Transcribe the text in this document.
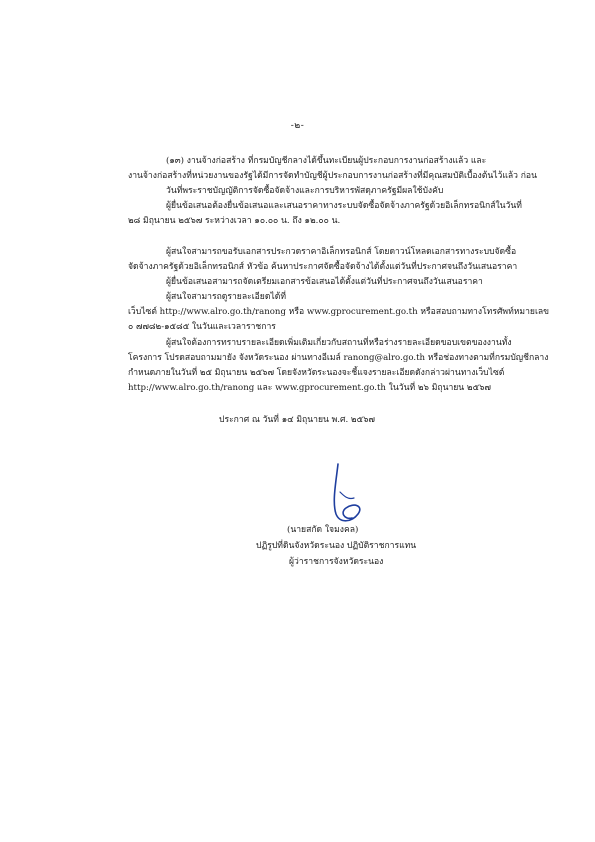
-๒-
(๑๓) งานจ้างก่อสร้าง ที่กรมบัญชีกลางได้ขึ้นทะเบียนผู้ประกอบการงานก่อสร้างแล้ว และ
งานจ้างก่อสร้างที่หน่วยงานของรัฐได้มีการจัดทำบัญชีผู้ประกอบการงานก่อสร้างที่มีคุณสมบัติเบื้องต้นไว้แล้ว ก่อน
วันที่พระราชบัญญัติการจัดซื้อจัดจ้างและการบริหารพัสดุภาครัฐมีผลใช้บังคับ
ผู้ยื่นข้อเสนอต้องยื่นข้อเสนอและเสนอราคาทางระบบจัดซื้อจัดจ้างภาครัฐด้วยอิเล็กทรอนิกส์ในวันที่
๒๘ มิถุนายน ๒๕๖๗ ระหว่างเวลา ๑๐.๐๐ น. ถึง ๑๒.๐๐ น.
ผู้สนใจสามารถขอรับเอกสารประกวดราคาอิเล็กทรอนิกส์ โดยดาวน์โหลดเอกสารทางระบบจัดซื้อ
จัดจ้างภาครัฐด้วยอิเล็กทรอนิกส์ หัวข้อ ค้นหาประกาศจัดซื้อจัดจ้างได้ตั้งแต่วันที่ประกาศจนถึงวันเสนอราคา
ผู้ยื่นข้อเสนอสามารถจัดเตรียมเอกสารข้อเสนอได้ตั้งแต่วันที่ประกาศจนถึงวันเสนอราคา
ผู้สนใจสามารถดูรายละเอียดได้ที่
เว็บไซต์ http://www.alro.go.th/ranong หรือ www.gprocurement.go.th หรือสอบถามทางโทรศัพท์หมายเลข
๐ ๗๗๘๒-๑๕๘๕ ในวันและเวลาราชการ
ผู้สนใจต้องการทราบรายละเอียดเพิ่มเติมเกี่ยวกับสถานที่หรือร่างรายละเอียดขอบเขตของงานทั้ง
โครงการ โปรดสอบถามมายัง จังหวัดระนอง ผ่านทางอีเมล์ ranong@alro.go.th หรือช่องทางตามที่กรมบัญชีกลาง
กำหนดภายในวันที่ ๒๕ มิถุนายน ๒๕๖๗ โดยจังหวัดระนองจะชี้แจงรายละเอียดดังกล่าวผ่านทางเว็บไซต์
http://www.alro.go.th/ranong และ www.gprocurement.go.th ในวันที่ ๒๖ มิถุนายน ๒๕๖๗
ประกาศ ณ วันที่ ๑๔ มิถุนายน พ.ศ. ๒๕๖๗
(นายสกัด ใจมงคล)
ปฏิรูปที่ดินจังหวัดระนอง ปฏิบัติราชการแทน
ผู้ว่าราชการจังหวัดระนอง
